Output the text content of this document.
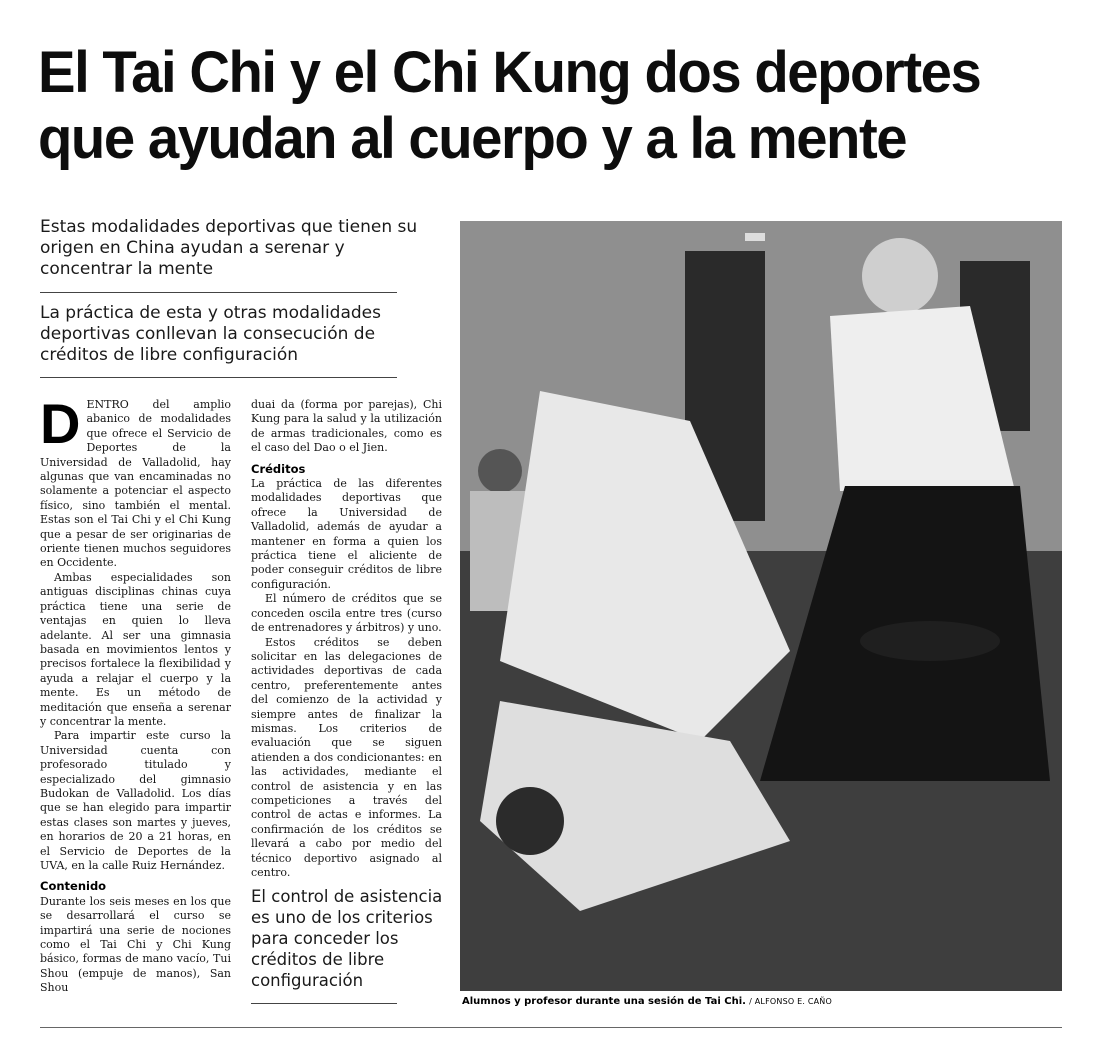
El Tai Chi y el Chi Kung dos deportes
que ayudan al cuerpo y a la mente

Estas modalidades deportivas que tienen su origen en China ayudan a serenar y concentrar la mente

La práctica de esta y otras modalidades deportivas conllevan la consecución de créditos de libre configuración

D ENTRO del amplio abanico de modalidades que ofrece el Servicio de Deportes de la Universidad de Valladolid, hay algunas que van encaminadas no solamente a potenciar el aspecto físico, sino también el mental. Estas son el Tai Chi y el Chi Kung que a pesar de ser originarias de oriente tienen muchos seguidores en Occidente.

Ambas especialidades son antiguas disciplinas chinas cuya práctica tiene una serie de ventajas en quien lo lleva adelante. Al ser una gimnasia basada en movimientos lentos y precisos fortalece la flexibilidad y ayuda a relajar el cuerpo y la mente. Es un método de meditación que enseña a serenar y concentrar la mente.

Para impartir este curso la Universidad cuenta con profesorado titulado y especializado del gimnasio Budokan de Valladolid. Los días que se han elegido para impartir estas clases son martes y jueves, en horarios de 20 a 21 horas, en el Servicio de Deportes de la UVA, en la calle Ruiz Hernández.

Contenido

Durante los seis meses en los que se desarrollará el curso se impartirá una serie de nociones como el Tai Chi y Chi Kung básico, formas de mano vacío, Tui Shou (empuje de manos), San Shou

duai da (forma por parejas), Chi Kung para la salud y la utilización de armas tradicionales, como es el caso del Dao o el Jien.

Créditos

La práctica de las diferentes modalidades deportivas que ofrece la Universidad de Valladolid, además de ayudar a mantener en forma a quien los práctica tiene el aliciente de poder conseguir créditos de libre configuración.

El número de créditos que se conceden oscila entre tres (curso de entrenadores y árbitros) y uno.

Estos créditos se deben solicitar en las delegaciones de actividades deportivas de cada centro, preferentemente antes del comienzo de la actividad y siempre antes de finalizar la mismas. Los criterios de evaluación que se siguen atienden a dos condicionantes: en las actividades, mediante el control de asistencia y en las competiciones a través del control de actas e informes. La confirmación de los créditos se llevará a cabo por medio del técnico deportivo asignado al centro.

El control de asistencia es uno de los criterios para conceder los créditos de libre configuración

Alumnos y profesor durante una sesión de Tai Chi. / ALFONSO E. CAÑO
